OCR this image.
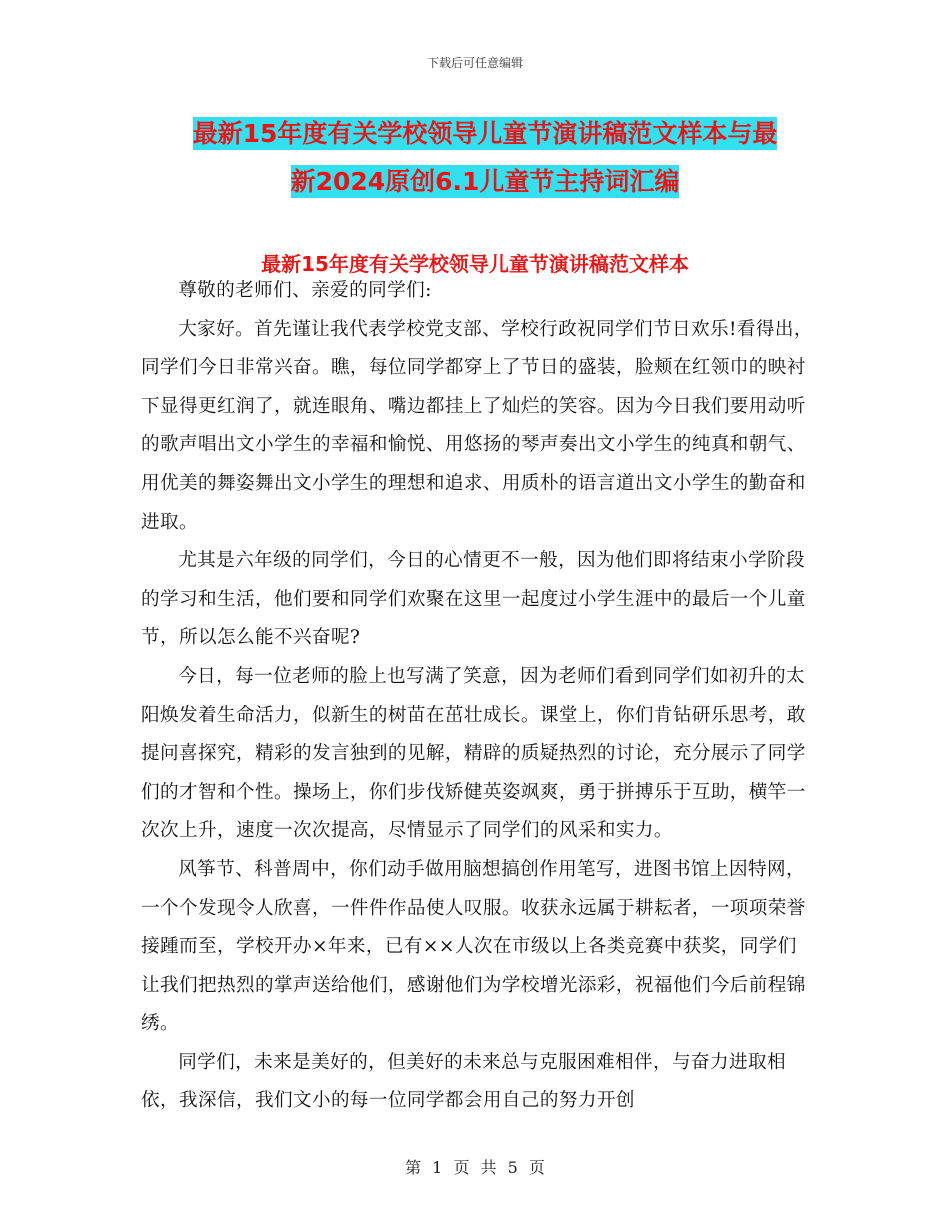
下载后可任意编辑
最新15年度有关学校领导儿童节演讲稿范文样本与最
新2024原创6.1儿童节主持词汇编
最新15年度有关学校领导儿童节演讲稿范文样本

尊敬的老师们、亲爱的同学们:

大家好。首先谨让我代表学校党支部、学校行政祝同学们节日欢乐!看得出，同学们今日非常兴奋。瞧，每位同学都穿上了节日的盛装，脸颊在红领巾的映衬下显得更红润了，就连眼角、嘴边都挂上了灿烂的笑容。因为今日我们要用动听的歌声唱出文小学生的幸福和愉悦、用悠扬的琴声奏出文小学生的纯真和朝气、用优美的舞姿舞出文小学生的理想和追求、用质朴的语言道出文小学生的勤奋和进取。

尤其是六年级的同学们，今日的心情更不一般，因为他们即将结束小学阶段的学习和生活，他们要和同学们欢聚在这里一起度过小学生涯中的最后一个儿童节，所以怎么能不兴奋呢?

今日，每一位老师的脸上也写满了笑意，因为老师们看到同学们如初升的太阳焕发着生命活力，似新生的树苗在茁壮成长。课堂上，你们肯钻研乐思考，敢提问喜探究，精彩的发言独到的见解，精辟的质疑热烈的讨论，充分展示了同学们的才智和个性。操场上，你们步伐矫健英姿飒爽，勇于拼搏乐于互助，横竿一次次上升，速度一次次提高，尽情显示了同学们的风采和实力。

风筝节、科普周中，你们动手做用脑想搞创作用笔写，进图书馆上因特网，一个个发现令人欣喜，一件件作品使人叹服。收获永远属于耕耘者，一项项荣誉接踵而至，学校开办×年来，已有××人次在市级以上各类竞赛中获奖，同学们让我们把热烈的掌声送给他们，感谢他们为学校增光添彩，祝福他们今后前程锦绣。

同学们，未来是美好的，但美好的未来总与克服困难相伴，与奋力进取相依，我深信，我们文小的每一位同学都会用自己的努力开创

第 1 页 共 5 页
